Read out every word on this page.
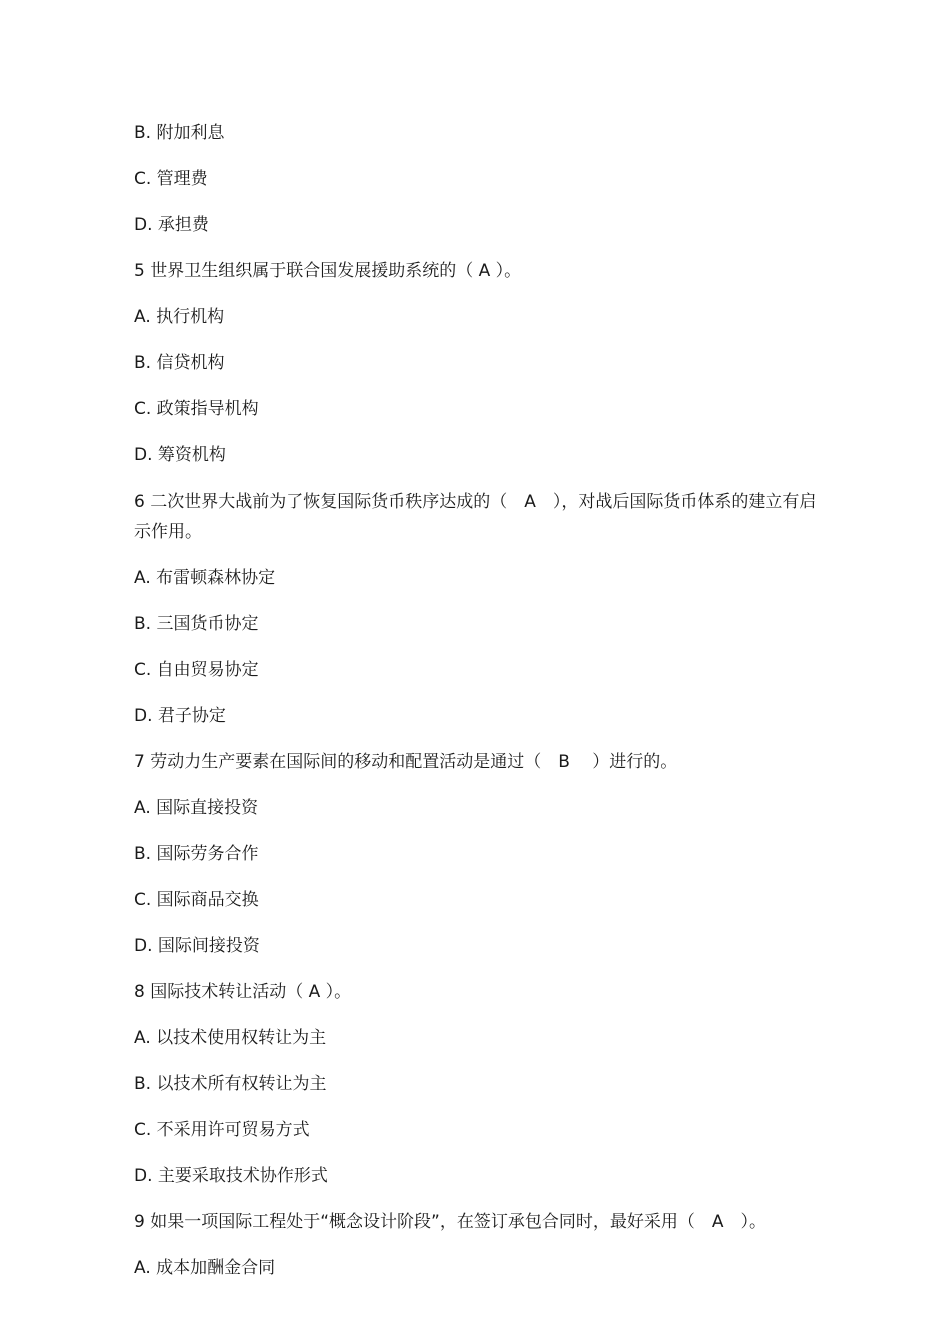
B. 附加利息
C. 管理费
D. 承担费
5 世界卫生组织属于联合国发展援助系统的（ A ）。
A. 执行机构
B. 信贷机构
C. 政策指导机构
D. 筹资机构
6 二次世界大战前为了恢复国际货币秩序达成的（　A　），对战后国际货币体系的建立有启示作用。
A. 布雷顿森林协定
B. 三国货币协定
C. 自由贸易协定
D. 君子协定
7 劳动力生产要素在国际间的移动和配置活动是通过（　B　 ）进行的。
A. 国际直接投资
B. 国际劳务合作
C. 国际商品交换
D. 国际间接投资
8 国际技术转让活动（ A ）。
A. 以技术使用权转让为主
B. 以技术所有权转让为主
C. 不采用许可贸易方式
D. 主要采取技术协作形式
9 如果一项国际工程处于“概念设计阶段”，在签订承包合同时，最好采用（　A　）。
A. 成本加酬金合同
